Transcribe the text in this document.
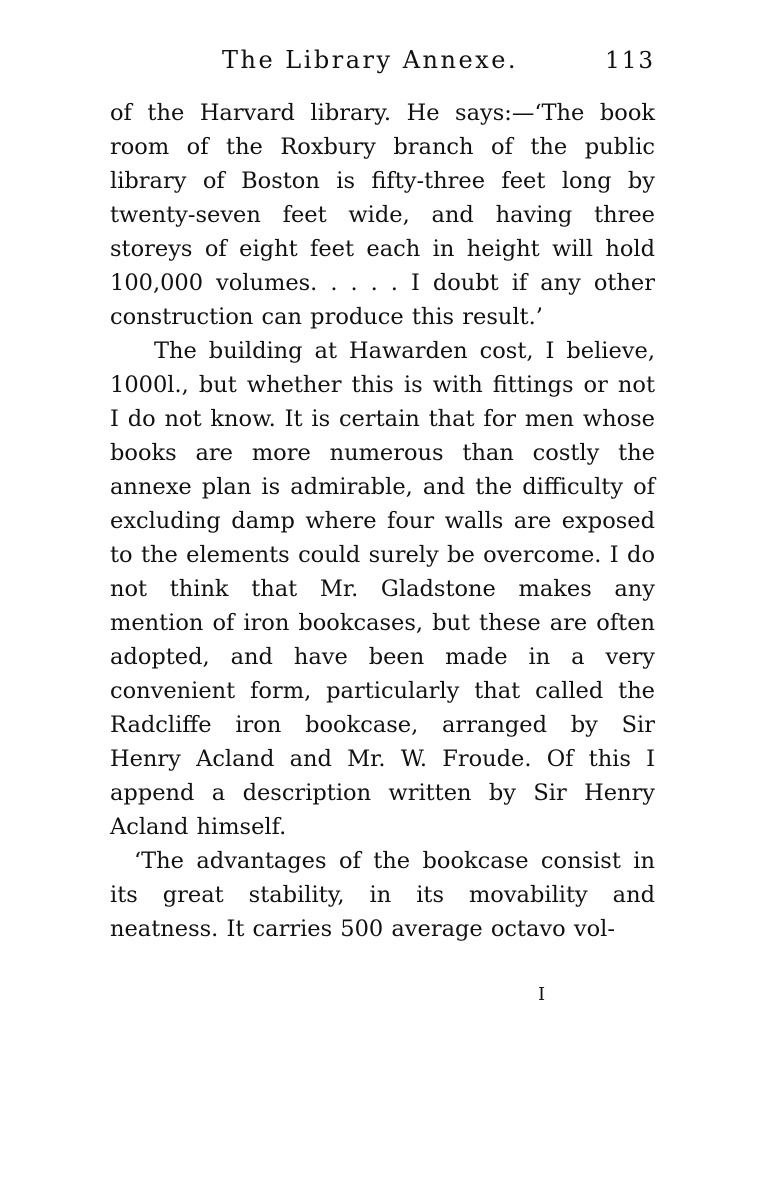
The Library Annexe.	113

of the Harvard library. He says:—‘The book room of the Roxbury branch of the public library of Boston is fifty-three feet long by twenty-seven feet wide, and having three storeys of eight feet each in height will hold 100,000 volumes. . . . . I doubt if any other construction can produce this result.’

The building at Hawarden cost, I believe, 1000l., but whether this is with fittings or not I do not know. It is certain that for men whose books are more numerous than costly the annexe plan is admirable, and the difficulty of excluding damp where four walls are exposed to the elements could surely be overcome. I do not think that Mr. Gladstone makes any mention of iron bookcases, but these are often adopted, and have been made in a very convenient form, particularly that called the Radcliffe iron bookcase, arranged by Sir Henry Acland and Mr. W. Froude. Of this I append a description written by Sir Henry Acland himself.

‘The advantages of the bookcase consist in its great stability, in its movability and neatness. It carries 500 average octavo vol-

I
